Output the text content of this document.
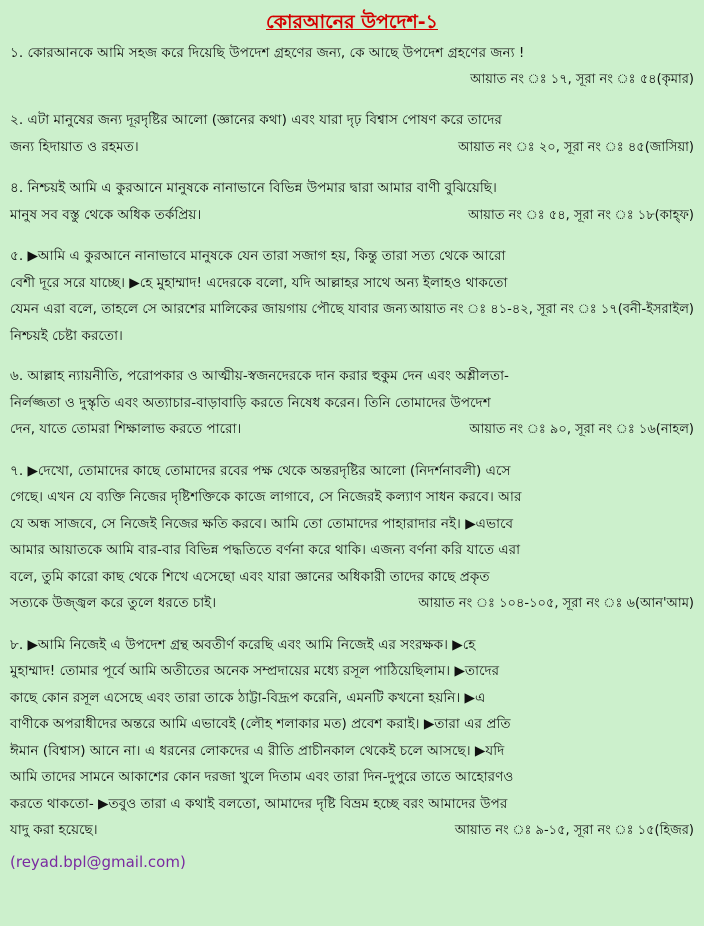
কোরআনের উপদেশ-১

১. কোরআনকে আমি সহজ করে দিয়েছি উপদেশ গ্রহণের জন্য, কে আছে উপদেশ গ্রহণের জন্য !

আয়াত নং ঃ ১৭, সূরা নং ঃ ৫৪(কৃমার)

২. এটা মানুষের জন্য দূরদৃষ্টির আলো (জ্ঞানের কথা) এবং যারা দৃঢ় বিশ্বাস পোষণ করে তাদের

জন্য হিদায়াত ও রহমত।	আয়াত নং ঃ ২০, সূরা নং ঃ ৪৫(জাসিয়া)

৪. নিশ্চয়ই আমি এ কুরআনে মানুষকে নানাভানে বিভিন্ন উপমার দ্বারা আমার বাণী বুঝিয়েছি।

মানুষ সব বস্তু থেকে অধিক তর্কপ্রিয়।	আয়াত নং ঃ ৫৪, সূরা নং ঃ ১৮(কাহ্ফ)

৫. ▶আমি এ কুরআনে নানাভাবে মানুষকে যেন তারা সজাগ হয়, কিন্তু তারা সত্য থেকে আরো

বেশী দূরে সরে যাচ্ছে। ▶হে মুহাম্মাদ! এদেরকে বলো, যদি আল্লাহর সাথে অন্য ইলাহও থাকতো

যেমন এরা বলে, তাহলে সে আরশের মালিকের জায়গায় পৌছে যাবার জন্য নিশ্চয়ই চেষ্টা করতো।
আয়াত নং ঃ ৪১-৪২, সূরা নং ঃ ১৭(বনী-ইসরাইল)

৬. আল্লাহ ন্যায়নীতি, পরোপকার ও আত্মীয়-স্বজনদেরকে দান করার হুকুম দেন এবং অশ্লীলতা-

নির্লজ্জতা ও দুস্কৃতি এবং অত্যাচার-বাড়াবাড়ি করতে নিষেধ করেন। তিনি তোমাদের উপদেশ

দেন, যাতে তোমরা শিক্ষালাভ করতে পারো।	আয়াত নং ঃ ৯০, সূরা নং ঃ ১৬(নাহল)

৭. ▶দেখো, তোমাদের কাছে তোমাদের রবের পক্ষ থেকে অন্তরদৃষ্টির আলো (নিদর্শনাবলী) এসে

গেছে। এখন যে ব্যক্তি নিজের দৃষ্টিশক্তিকে কাজে লাগাবে, সে নিজেরই কল্যাণ সাধন করবে। আর

যে অন্ধ সাজবে, সে নিজেই নিজের ক্ষতি করবে। আমি তো তোমাদের পাহারাদার নই। ▶এভাবে

আমার আয়াতকে আমি বার-বার বিভিন্ন পদ্ধতিতে বর্ণনা করে থাকি। এজন্য বর্ণনা করি যাতে এরা

বলে, তুমি কারো কাছ থেকে শিখে এসেছো এবং যারা জ্ঞানের অধিকারী তাদের কাছে প্রকৃত

সত্যকে উজ্জ্বল করে তুলে ধরতে চাই।	আয়াত নং ঃ ১০৪-১০৫, সূরা নং ঃ ৬(আন'আম)

৮. ▶আমি নিজেই এ উপদেশ গ্রন্থ অবতীর্ণ করেছি এবং আমি নিজেই এর সংরক্ষক। ▶হে

মুহাম্মাদ! তোমার পূর্বে আমি অতীতের অনেক সম্প্রদায়ের মধ্যে রসূল পাঠিয়েছিলাম। ▶তাদের

কাছে কোন রসূল এসেছে এবং তারা তাকে ঠাট্টা-বিদ্রূপ করেনি, এমনটি কখনো হয়নি। ▶এ

বাণীকে অপরাধীদের অন্তরে আমি এভাবেই (লৌহ শলাকার মত) প্রবেশ করাই। ▶তারা এর প্রতি

ঈমান (বিশ্বাস) আনে না। এ ধরনের লোকদের এ রীতি প্রাচীনকাল থেকেই চলে আসছে। ▶যদি

আমি তাদের সামনে আকাশের কোন দরজা খুলে দিতাম এবং তারা দিন-দুপুরে তাতে আহোরণও

করতে থাকতো- ▶তবুও তারা এ কথাই বলতো, আমাদের দৃষ্টি বিভ্রম হচ্ছে বরং আমাদের উপর

যাদু করা হয়েছে।	আয়াত নং ঃ ৯-১৫, সূরা নং ঃ ১৫(হিজর)
(reyad.bpl@gmail.com)
